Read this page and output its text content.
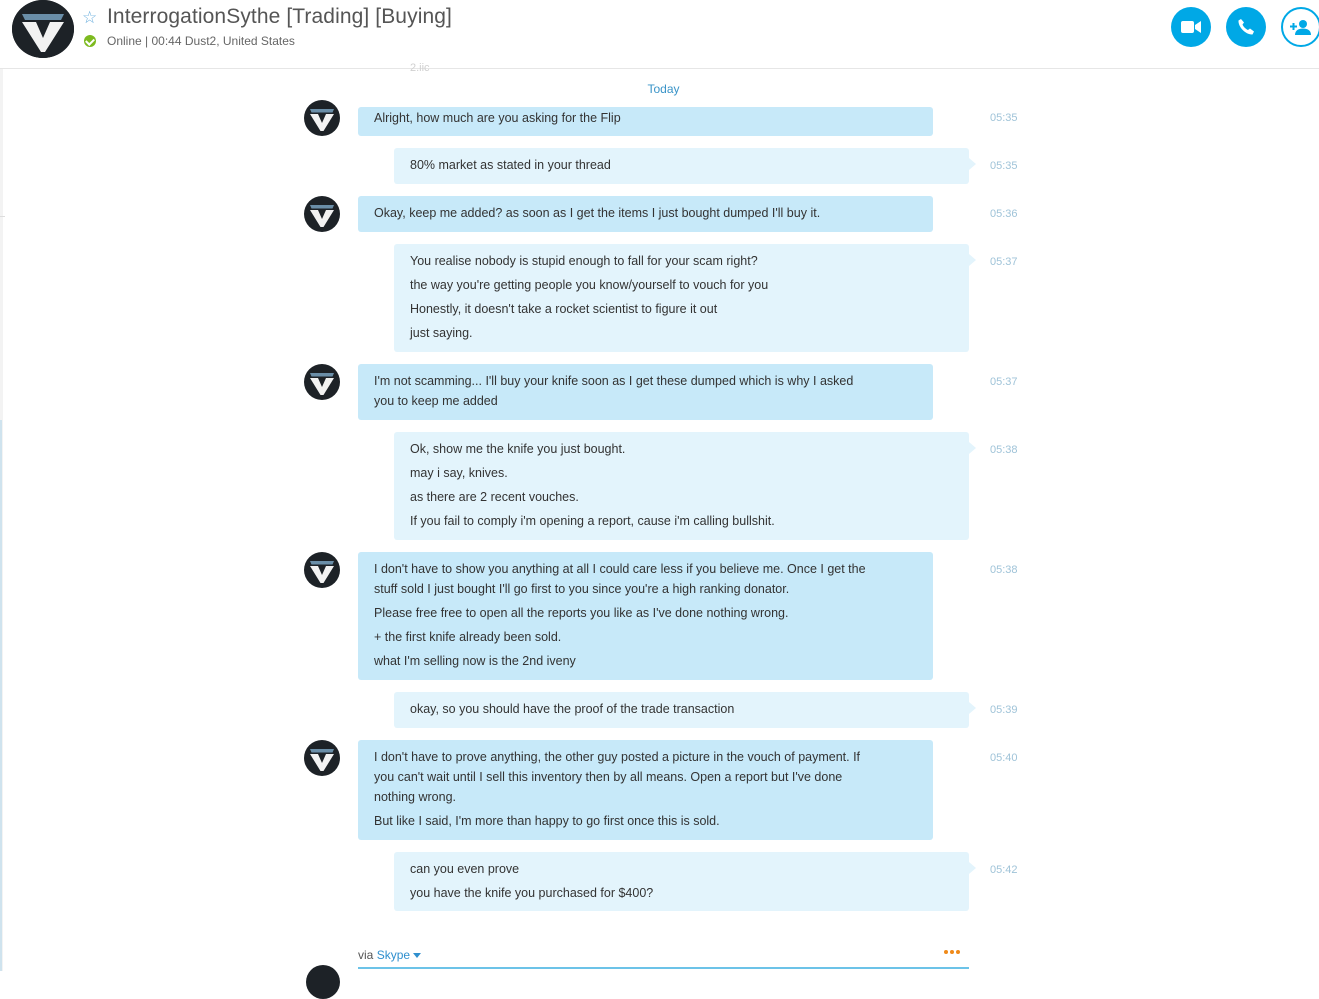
☆ InterrogationSythe [Trading] [Buying]
Online | 00:44 Dust2, United States
2.iic
Today
Alright, how much are you asking for the Flip	05:35
80% market as stated in your thread	05:35
Okay, keep me added? as soon as I get the items I just bought dumped I'll buy it.	05:36
You realise nobody is stupid enough to fall for your scam right?
the way you're getting people you know/yourself to vouch for you
Honestly, it doesn't take a rocket scientist to figure it out
just saying.
05:37
I'm not scamming... I'll buy your knife soon as I get these dumped which is why I asked
you to keep me added
05:37
Ok, show me the knife you just bought.
may i say, knives.
as there are 2 recent vouches.
If you fail to comply i'm opening a report, cause i'm calling bullshit.
05:38
I don't have to show you anything at all I could care less if you believe me. Once I get the
stuff sold I just bought I'll go first to you since you're a high ranking donator.
Please free free to open all the reports you like as I've done nothing wrong.
+ the first knife already been sold.
what I'm selling now is the 2nd iveny
05:38
okay, so you should have the proof of the trade transaction	05:39
I don't have to prove anything, the other guy posted a picture in the vouch of payment. If
you can't wait until I sell this inventory then by all means. Open a report but I've done
nothing wrong.
But like I said, I'm more than happy to go first once this is sold.
05:40
can you even prove
you have the knife you purchased for $400?
05:42
via Skype
